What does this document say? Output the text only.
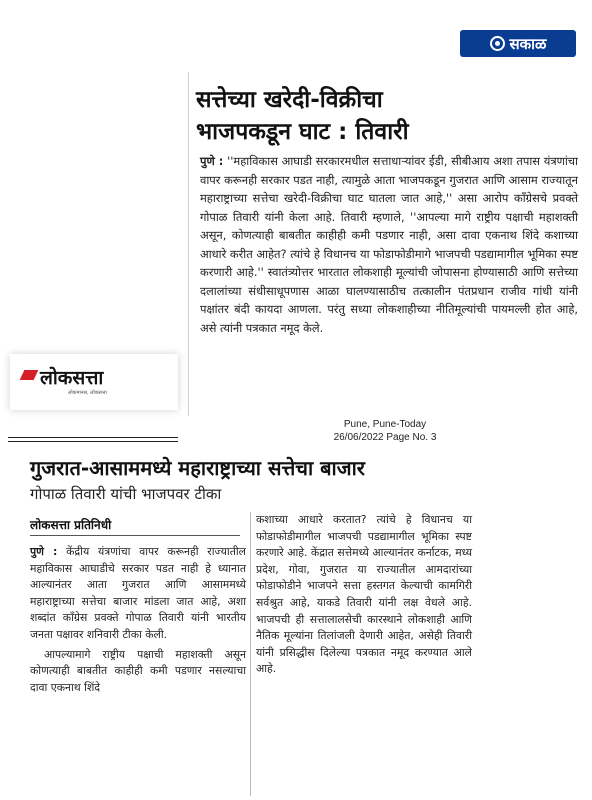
सकाळ
सत्तेच्या खरेदी-विक्रीचा
भाजपकडून घाट : तिवारी
पुणे : ''महाविकास आघाडी सरकारमधील सत्ताधाऱ्यांवर ईडी, सीबीआय अशा तपास यंत्रणांचा वापर करूनही सरकार पडत नाही, त्यामुळे आता भाजपकडून गुजरात आणि आसाम राज्यातून महाराष्ट्राच्या सत्तेचा खरेदी-विक्रीचा घाट घातला जात आहे,'' असा आरोप काँग्रेसचे प्रवक्ते गोपाळ तिवारी यांनी केला आहे. तिवारी म्हणाले, ''आपल्या मागे राष्ट्रीय पक्षाची महाशक्ती असून, कोणत्याही बाबतीत काहीही कमी पडणार नाही, असा दावा एकनाथ शिंदे कशाच्या आधारे करीत आहेत? त्यांचे हे विधानच या फोडाफोडीमागे भाजपची पडद्यामागील भूमिका स्पष्ट करणारी आहे.'' स्वातंत्र्योत्तर भारतात लोकशाही मूल्यांची जोपासना होण्यासाठी आणि सत्तेच्या दलालांच्या संधीसाधूपणास आळा घालण्यासाठीच तत्कालीन पंतप्रधान राजीव गांधी यांनी पक्षांतर बंदी कायदा आणला. परंतु सध्या लोकशाहीच्या नीतिमूल्यांची पायमल्ली होत आहे, असे त्यांनी पत्रकात नमूद केले.
Pune, Pune-Today
26/06/2022 Page No. 3
लोकसत्ता
लोकमानस, लोकसत्ता
गुजरात-आसाममध्ये महाराष्ट्राच्या सत्तेचा बाजार
गोपाळ तिवारी यांची भाजपवर टीका
लोकसत्ता प्रतिनिधी

पुणे : केंद्रीय यंत्रणांचा वापर करूनही राज्यातील महाविकास आघाडीचे सरकार पडत नाही हे ध्यानात आल्यानंतर आता गुजरात आणि आसाममध्ये महाराष्ट्राच्या सत्तेचा बाजार मांडला जात आहे, अशा शब्दांत काँग्रेस प्रवक्ते गोपाळ तिवारी यांनी भारतीय जनता पक्षावर शनिवारी टीका केली.

आपल्यामागे राष्ट्रीय पक्षाची महाशक्ती असून कोणत्याही बाबतीत काहीही कमी पडणार नसल्याचा दावा एकनाथ शिंदे

कशाच्या आधारे करतात? त्यांचे हे विधानच या फोडाफोडीमागील भाजपची पडद्यामागील भूमिका स्पष्ट करणारे आहे. केंद्रात सत्तेमध्ये आल्यानंतर कर्नाटक, मध्य प्रदेश, गोवा, गुजरात या राज्यातील आमदारांच्या फोडाफोडीने भाजपने सत्ता हस्तगत केल्याची कामगिरी सर्वश्रुत आहे, याकडे तिवारी यांनी लक्ष वेधले आहे. भाजपची ही सत्तालालसेची कारस्थाने लोकशाही आणि नैतिक मूल्यांना तिलांजली देणारी आहेत, असेही तिवारी यांनी प्रसिद्धीस दिलेल्या पत्रकात नमूद करण्यात आले आहे.
